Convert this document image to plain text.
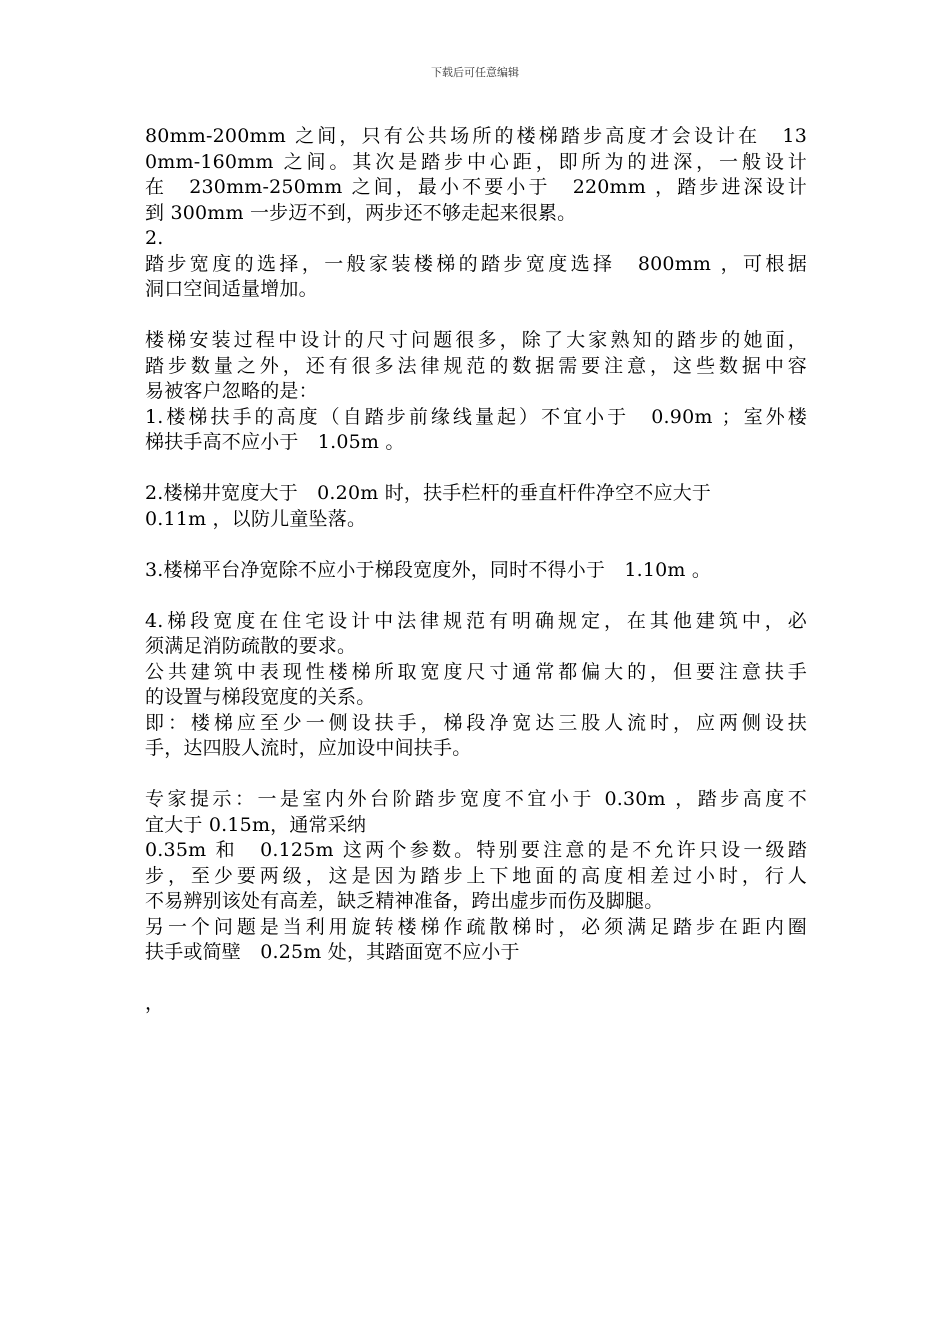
下载后可任意编辑
80mm-200mm 之间，只有公共场所的楼梯踏步高度才会设计在　13
0mm-160mm 之间。其次是踏步中心距，即所为的进深，一般设计
在　230mm-250mm 之间，最小不要小于　220mm ，踏步进深设计
到 300mm 一步迈不到，两步还不够走起来很累。
2.
踏步宽度的选择，一般家装楼梯的踏步宽度选择　800mm ，可根据
洞口空间适量增加。
楼梯安装过程中设计的尺寸问题很多，除了大家熟知的踏步的她面，
踏步数量之外，还有很多法律规范的数据需要注意，这些数据中容
易被客户忽略的是：
1.楼梯扶手的高度（自踏步前缘线量起）不宜小于　0.90m ；室外楼
梯扶手高不应小于　1.05m 。
2.楼梯井宽度大于　0.20m 时，扶手栏杆的垂直杆件净空不应大于
0.11m ，以防儿童坠落。
3.楼梯平台净宽除不应小于梯段宽度外，同时不得小于　1.10m 。
4.梯段宽度在住宅设计中法律规范有明确规定，在其他建筑中，必
须满足消防疏散的要求。
公共建筑中表现性楼梯所取宽度尺寸通常都偏大的，但要注意扶手
的设置与梯段宽度的关系。
即：楼梯应至少一侧设扶手，梯段净宽达三股人流时，应两侧设扶
手，达四股人流时，应加设中间扶手。
专家提示：一是室内外台阶踏步宽度不宜小于 0.30m ，踏步高度不
宜大于 0.15m，通常采纳
0.35m 和　0.125m 这两个参数。特别要注意的是不允许只设一级踏
步，至少要两级，这是因为踏步上下地面的高度相差过小时，行人
不易辨别该处有高差，缺乏精神准备，跨出虚步而伤及脚腿。
另一个问题是当利用旋转楼梯作疏散梯时，必须满足踏步在距内圈
扶手或简壁　0.25m 处，其踏面宽不应小于
，
